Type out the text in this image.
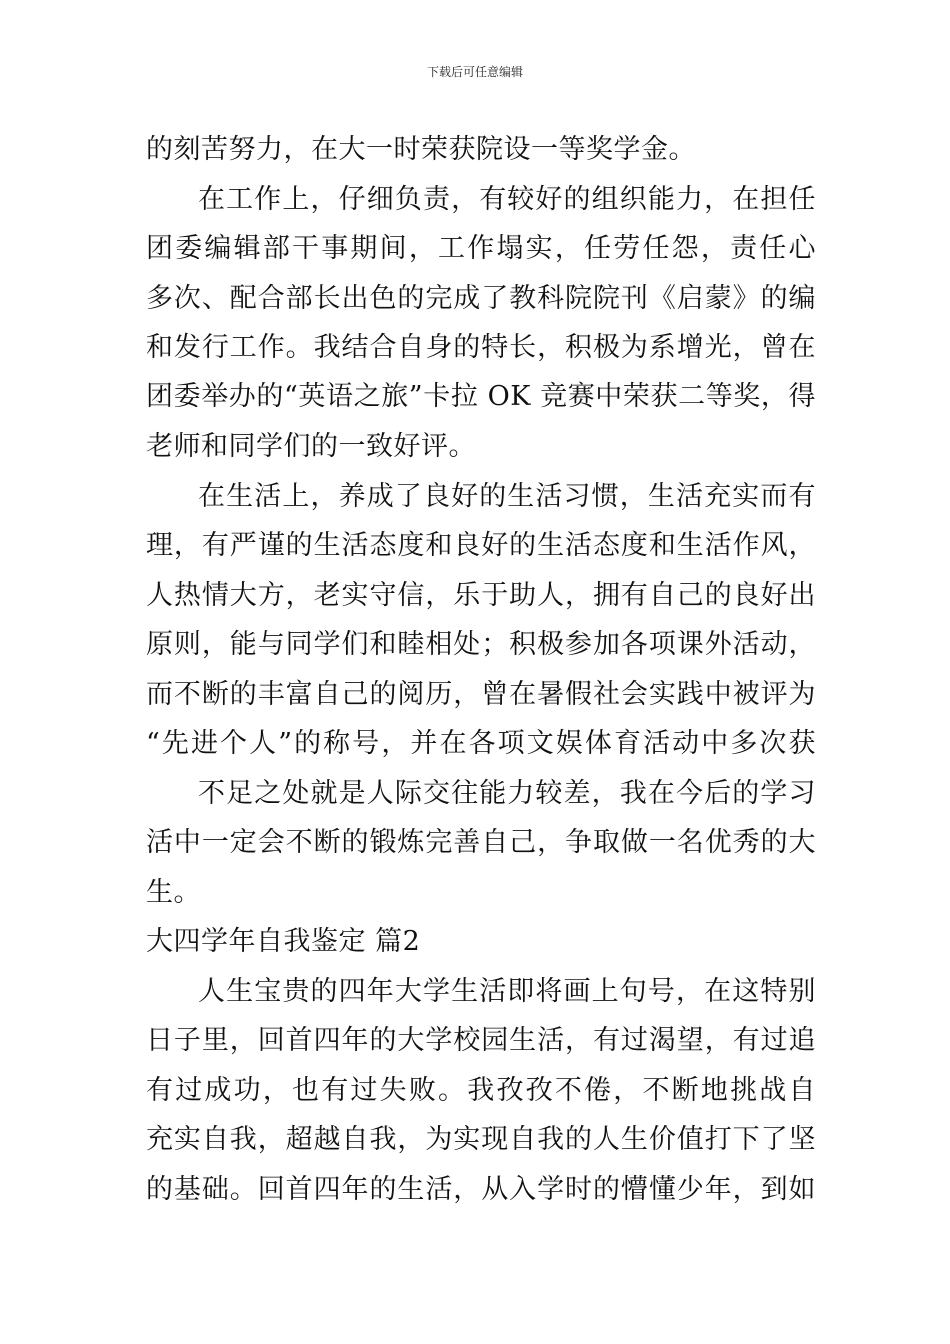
下载后可任意编辑
的刻苦努力，在大一时荣获院设一等奖学金。
在工作上，仔细负责，有较好的组织能力，在担任
团委编辑部干事期间，工作塌实，任劳任怨，责任心
多次、配合部长出色的完成了教科院院刊《启蒙》的编
和发行工作。我结合自身的特长，积极为系增光，曾在
团委举办的“英语之旅”卡拉 OK 竞赛中荣获二等奖，得
老师和同学们的一致好评。
在生活上，养成了良好的生活习惯，生活充实而有
理，有严谨的生活态度和良好的生活态度和生活作风，
人热情大方，老实守信，乐于助人，拥有自己的良好出
原则，能与同学们和睦相处；积极参加各项课外活动，
而不断的丰富自己的阅历，曾在暑假社会实践中被评为
“先进个人”的称号，并在各项文娱体育活动中多次获
不足之处就是人际交往能力较差，我在今后的学习
活中一定会不断的锻炼完善自己，争取做一名优秀的大
生。
大四学年自我鉴定 篇2
人生宝贵的四年大学生活即将画上句号，在这特别
日子里，回首四年的大学校园生活，有过渴望，有过追
有过成功，也有过失败。我孜孜不倦，不断地挑战自
充实自我，超越自我，为实现自我的人生价值打下了坚
的基础。回首四年的生活，从入学时的懵懂少年，到如
